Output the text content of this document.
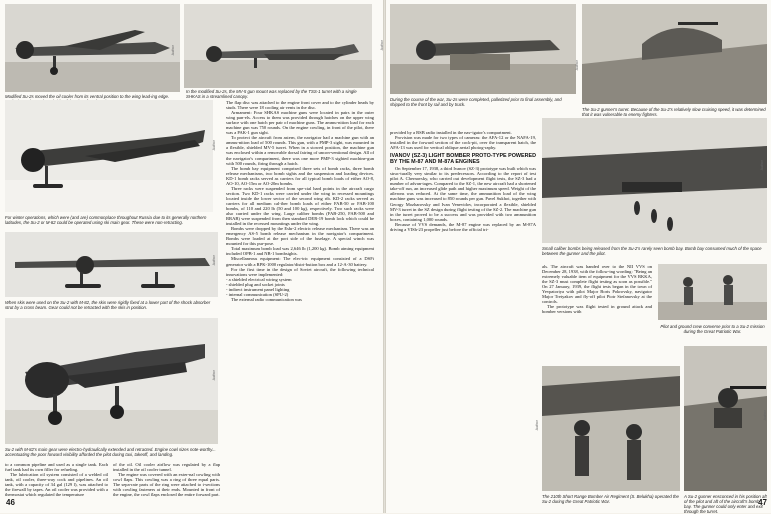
Modified Su-2s moved the oil cooler from its ventral position to the wing lead-ing edge.
In the modified Su-2s, the MV-5 gun mount was replaced by the TSS-1 turret with a single SHKAS in a streamlined canopy.
Author
For winter operations, which were (and are) commonplace throughout Russia due to its generally northern latitudes, the Su-2 or M-82 could be operated using ski main gear. These were non-retracting.
Author
When skis were used on the Su-2 with M-82, the skis were rigidly fixed at a lower part of the shock absorber strut by a cross beam. Gear could not be retracted with the skis in position.
Author
Su-2 with M-82's main gear were electro-hydraulically extended and retracted. Engine cowl sizes note-worthy... accentuating the poor forward visibility afforded the pilot during taxi, takeoff, and landing.
Author

The flap disc was attached to the engine front cover and to the cylinder heads by studs. There were 18 cooling air vents in the disc.

Armament: Four SHKAS machine guns were located in pairs in the outer wing pan-els. Access to them was provided through hatches on the upper wing surface with one hatch per pair of machine guns. The ammu-nition load for each machine gun was 750 rounds. On the engine cowling, in front of the pilot, there was a PAK-1 gun sight.

To protect the aircraft from astern, the navigator had a machine gun with an ammu-nition load of 500 rounds. This gun, with a PMP-3 sight, was mounted in a flexible, shielded MV-5 turret. When in a stowed position, the machine gun was enclosed within a removable dorsal fairing of uncon-ventional design. All of the navigator's compartment, there was one more PMP-3 sighted machine-gun with 500 rounds, firing through a hatch.

The bomb bay equipment comprised three sets of bomb racks, three bomb release mechanisms, two bomb sights and the suspension and loading devices. KD-1 bomb racks served as carriers for all typical bomb loads of either AO-8, AO-10, AO-15m or AO-20m bombs.

Three racks were suspended from spe-cial hard points in the aircraft cargo section. Two KD-1 racks were carried under the wing in recessed mountings located inside the lower sector of the second wing rib. KD-2 racks served as carriers for all medium cal-iber bomb loads of either FAB-50 or FAB-100 bombs, of 110 and 220 lb (50 and 100 kg), respectively. Two such racks were also carried under the wing. Large caliber bombs (FAB-250, FAB-500 and RRAB) were suspended from then standard DER-19 bomb lock which could be installed in the recessed mountings under the wing.

Bombs were dropped by the Esbr-2 electric release mechanism. There was an emergency AS-5 bomb release mechanism in the navigator's compartment. Bombs were loaded at the port side of the fuselage. A special winch was mounted for this pur-pose.

Total maximum bomb load was 2,646 lb (1,200 kg). Bomb aiming equipment included OPB-1 and NB-1 bombsights.

Miscellaneous equipment: The elec-tric equipment consisted of a DSFi generator with a RPK-1000 regulator/distri-bution box and a 12-A-30 battery.

For the first time in the design of Soviet aircraft, the following technical innovations were implemented:

- a shielded electrical wiring system
- shielded plug and socket joints
- indirect instrument panel lighting
- internal communication (SPU-2)
The external radio communication was

to a common pipeline and used as a single tank. Each fuel tank had its own filler for refueling.

The lubrication oil system consisted of a welded oil tank, oil cooler, three-way cock and pipelines. An oil tank, with a capacity of 34 gal (129 l), was attached to the firewall by tapes. An oil cooler was provided with a thermostat which regulated the temperature

of the oil. Oil cooler airflow was regulated by a flap installed in the oil cooler tunnel.

The engine was covered with an exter-nal cowling with cowl flaps. This cowling was a ring of three equal parts. The sepa-rate parts of the ring were attached to t-sections with cowling fasteners at their ends. Mounted in front of the engine, the cowl flaps enclosed the entire forward part.

46
During the course of the war, Su-2s were completed, palletized prior to final assembly, and shipped to the front by rail and by truck.
Author
The Su-2 gunner's turret. Because of the Su-2's relatively slow cruising speed, it was determined that it was vulnerable to enemy fighters.
Author

provided by a RSB radio installed in the nav-igator's compartment.

Provision was made for two types of cameras: the AFA-12 or the NAFA-19, installed in the forward section of the cock-pit, over the transparent hatch, the AFA-13 was used for vertical oblique aerial photog-raphy.

IVANOV (SZ-3) LIGHT BOMBER PROTO-TYPE POWERED BY THE M-87 AND M-87A ENGINES

On September 17, 1938, a third Ivanov (SZ-3) prototype was built which was struc-turally very similar to its predecessors. According to the report of test pilot A. Chernavsky, who carried out development flight tests, the SZ-3 had a number of advan-tages. Compared to the SZ-1, the new aircraft had a shortened take-off run, an increased glide path and higher maximum speed. Weight of the ailerons was reduced. At the same time, the ammunition load of the wing machine guns was increased to 850 rounds per gun. Pavel Sukhoi, together with Georgy Mozharovsky and Ivan Venevidov, incorporated a flexible, shielded MV-3 turret in the SZ design during flight testing of the SZ-2. The machine gun in the turret proved to be a success and was provided with two ammunition boxes, containing 1,000 rounds.

Because of VVS demands, the M-87 engine was replaced by an M-87A driving a VISh-23 propeller just before the official tri-

Small caliber bombs being released from the Su-2's rarely seen bomb bay. Bomb bay consumed much of the space between the gunner and the pilot.
Author

als. The aircraft was handed over to the NII VVS on December 28, 1938, with the follow-ing wording: "Being an extremely valuable item of equipment for the VVS RKKA, the SZ-3 must complete flight testing as soon as possible." On 27 January, 1939, the flight tests began in the town of Yevpatoriya with pilot Major Boris Pokrovsky, navigator Major Tretyakov and fly-off pilot Piotr Stefanovsky at the controls.

The prototype was flight tested in ground attack and bomber versions with

Pilot and ground crew converse prior to a Su-2 mission during the Great Patriotic War.
The 210th Short Range Bomber Air Regiment (S. Belukha) operated the Su-2 during the Great Patriotic War.
Author
A Su-2 gunner ensconced in his position aft of the pilot and aft of the aircraft's bomb bay. The gunner could only enter and exit through the turret.
Author
47
